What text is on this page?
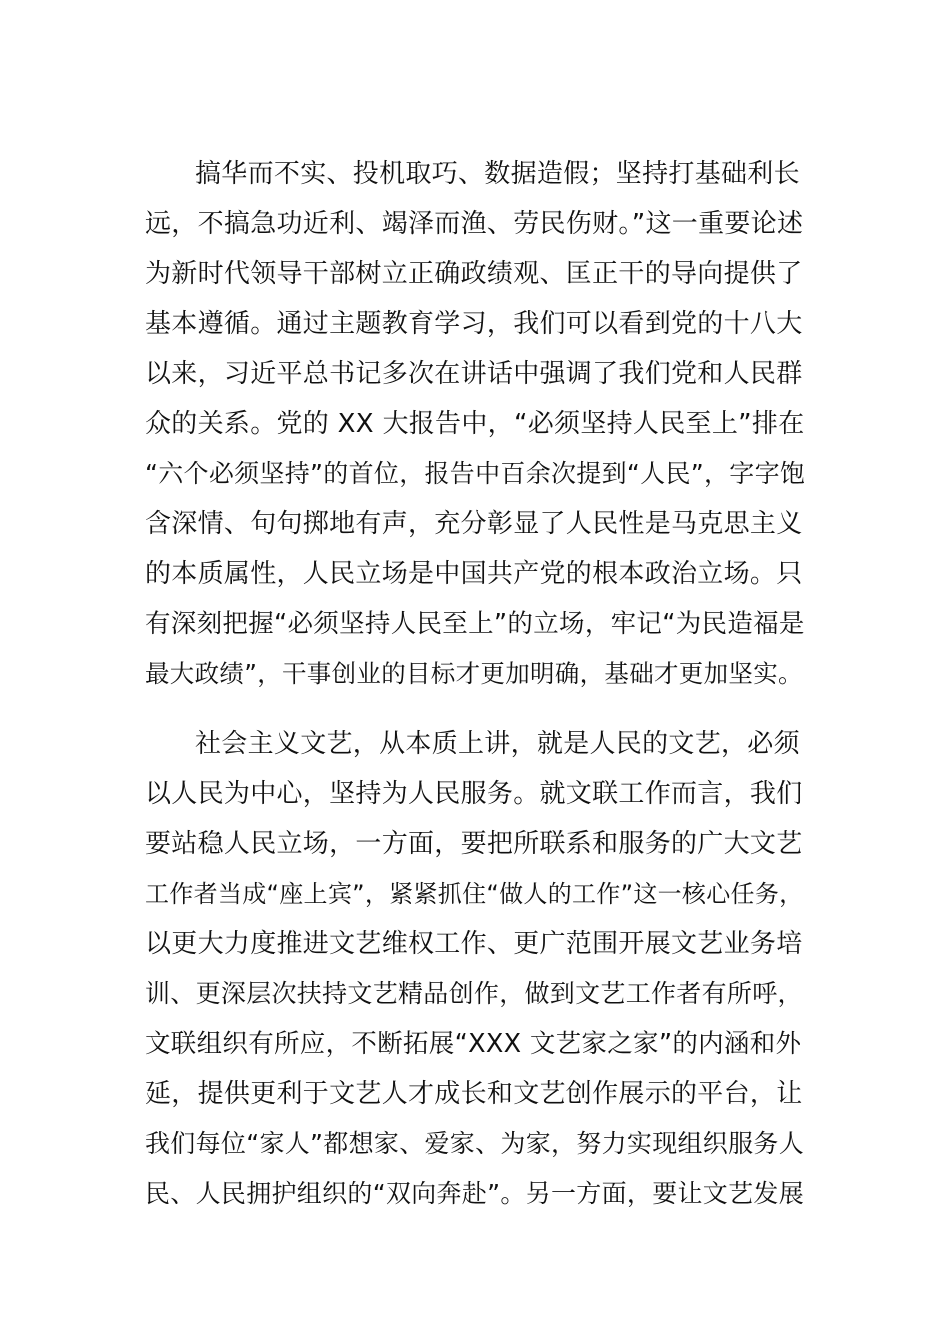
搞华而不实、投机取巧、数据造假；坚持打基础利长
远，不搞急功近利、竭泽而渔、劳民伤财。”这一重要论述
为新时代领导干部树立正确政绩观、匡正干的导向提供了
基本遵循。通过主题教育学习，我们可以看到党的十八大
以来，习近平总书记多次在讲话中强调了我们党和人民群
众的关系。党的 XX 大报告中，“必须坚持人民至上”排在
“六个必须坚持”的首位，报告中百余次提到“人民”，字字饱
含深情、句句掷地有声，充分彰显了人民性是马克思主义
的本质属性，人民立场是中国共产党的根本政治立场。只
有深刻把握“必须坚持人民至上”的立场，牢记“为民造福是
最大政绩”，干事创业的目标才更加明确，基础才更加坚实。
社会主义文艺，从本质上讲，就是人民的文艺，必须
以人民为中心，坚持为人民服务。就文联工作而言，我们
要站稳人民立场，一方面，要把所联系和服务的广大文艺
工作者当成“座上宾”，紧紧抓住“做人的工作”这一核心任务，
以更大力度推进文艺维权工作、更广范围开展文艺业务培
训、更深层次扶持文艺精品创作，做到文艺工作者有所呼，
文联组织有所应，不断拓展“XXX 文艺家之家”的内涵和外
延，提供更利于文艺人才成长和文艺创作展示的平台，让
我们每位“家人”都想家、爱家、为家，努力实现组织服务人
民、人民拥护组织的“双向奔赴”。另一方面，要让文艺发展
